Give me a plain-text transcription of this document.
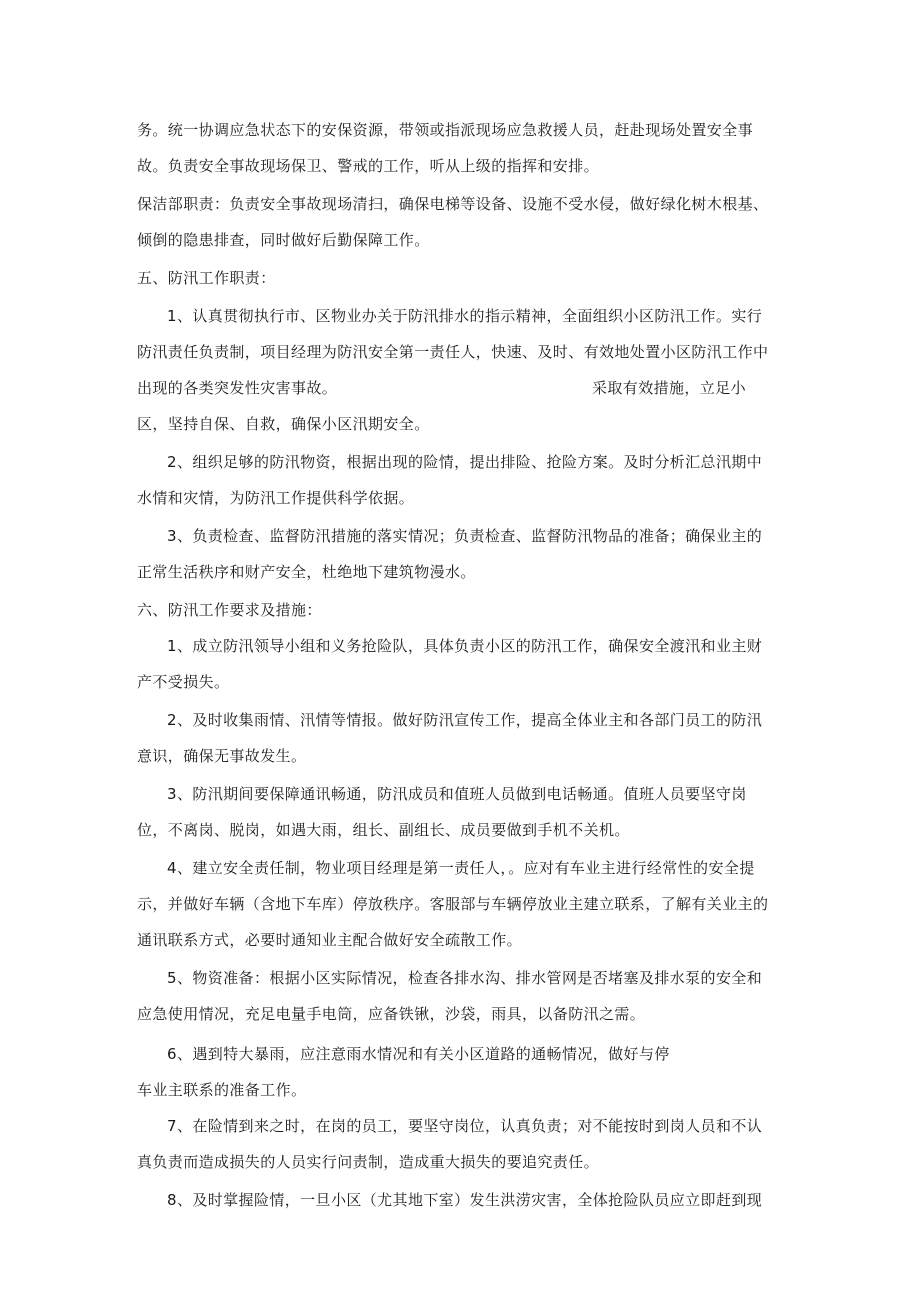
务。统一协调应急状态下的安保资源，带领或指派现场应急救援人员，赶赴现场处置安全事
故。负责安全事故现场保卫、警戒的工作，听从上级的指挥和安排。
保洁部职责：负责安全事故现场清扫，确保电梯等设备、设施不受水侵，做好绿化树木根基、
倾倒的隐患排查，同时做好后勤保障工作。
五、防汛工作职责：
1、认真贯彻执行市、区物业办关于防汛排水的指示精神，全面组织小区防汛工作。实行
防汛责任负责制，项目经理为防汛安全第一责任人，快速、及时、有效地处置小区防汛工作中
出现的各类突发性灾害事故。	采取有效措施，立足小
区，坚持自保、自救，确保小区汛期安全。
2、组织足够的防汛物资，根据出现的险情，提出排险、抢险方案。及时分析汇总汛期中
水情和灾情，为防汛工作提供科学依据。
3、负责检查、监督防汛措施的落实情况；负责检查、监督防汛物品的准备；确保业主的
正常生活秩序和财产安全，杜绝地下建筑物漫水。
六、防汛工作要求及措施：
1、成立防汛领导小组和义务抢险队，具体负责小区的防汛工作，确保安全渡汛和业主财
产不受损失。
2、及时收集雨情、汛情等情报。做好防汛宣传工作，提高全体业主和各部门员工的防汛
意识，确保无事故发生。
3、防汛期间要保障通讯畅通，防汛成员和值班人员做到电话畅通。值班人员要坚守岗
位，不离岗、脱岗，如遇大雨，组长、副组长、成员要做到手机不关机。
4、建立安全责任制，物业项目经理是第一责任人，。应对有车业主进行经常性的安全提
示，并做好车辆（含地下车库）停放秩序。客服部与车辆停放业主建立联系，了解有关业主的
通讯联系方式，必要时通知业主配合做好安全疏散工作。
5、物资准备：根据小区实际情况，检查各排水沟、排水管网是否堵塞及排水泵的安全和
应急使用情况，充足电量手电筒，应备铁锹，沙袋，雨具，以备防汛之需。
6、遇到特大暴雨，应注意雨水情况和有关小区道路的通畅情况，做好与停
车业主联系的准备工作。
7、在险情到来之时，在岗的员工，要坚守岗位，认真负责；对不能按时到岗人员和不认
真负责而造成损失的人员实行问责制，造成重大损失的要追究责任。
8、及时掌握险情，一旦小区（尤其地下室）发生洪涝灾害，全体抢险队员应立即赶到现
